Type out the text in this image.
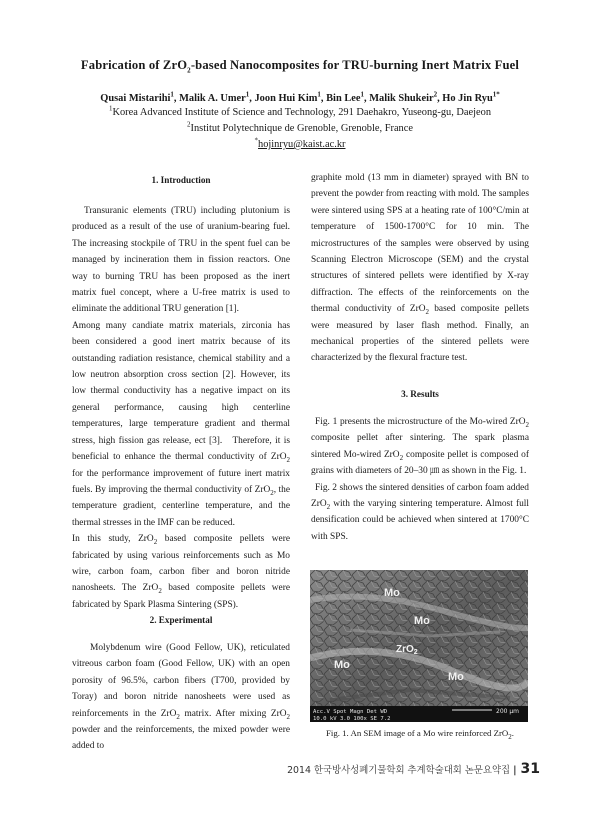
Fabrication of ZrO$_2$-based Nanocomposites for TRU-burning Inert Matrix Fuel
Qusai Mistarihi$^1$, Malik A. Umer$^1$, Joon Hui Kim$^1$, Bin Lee$^1$, Malik Shukeir$^2$, Ho Jin Ryu$^{1*}$
$^1$Korea Advanced Institute of Science and Technology, 291 Daehakro, Yuseong-gu, Daejeon
$^2$Institut Polytechnique de Grenoble, Grenoble, France
*hojinryu@kaist.ac.kr
1. Introduction

Transuranic elements (TRU) including plutonium is produced as a result of the use of uranium-bearing fuel. The increasing stockpile of TRU in the spent fuel can be managed by incineration them in fission reactors. One way to burning TRU has been proposed as the inert matrix fuel concept, where a U-free matrix is used to eliminate the additional TRU generation [1].

Among many candiate matrix materials, zirconia has been considered a good inert matrix because of its outstanding radiation resistance, chemical stability and a low neutron absorption cross section [2]. However, its low thermal conductivity has a negative impact on its general performance, causing high centerline temperatures, large temperature gradient and thermal stress, high fission gas release, ect [3].   Therefore, it is beneficial to enhance the thermal conductivity of ZrO$_2$ for the performance improvement of future inert matrix fuels. By improving the thermal conductivity of ZrO$_2$, the temperature gradient, centerline temperature, and the thermal stresses in the IMF can be reduced.

In this study, ZrO$_2$ based composite pellets were fabricated by using various reinforcements such as Mo wire, carbon foam, carbon fiber and boron nitride nanosheets. The ZrO$_2$ based composite pellets were fabricated by Spark Plasma Sintering (SPS).

2. Experimental

Molybdenum wire (Good Fellow, UK), reticulated vitreous carbon foam (Good Fellow, UK) with an open porosity of 96.5%, carbon fibers (T700, provided by Toray) and boron nitride nanosheets were used as reinforcements in the ZrO$_2$ matrix. After mixing ZrO$_2$ powder and the reinforcements, the mixed powder were added to

graphite mold (13 mm in diameter) sprayed with BN to prevent the powder from reacting with mold. The samples were sintered using SPS at a heating rate of 100°C/min at temperature of 1500-1700°C for 10 min. The microstructures of the samples were observed by using Scanning Electron Microscope (SEM) and the crystal structures of sintered pellets were identified by X-ray diffraction. The effects of the reinforcements on the thermal conductivity of ZrO$_2$ based composite pellets were measured by laser flash method. Finally, an mechanical properties of the sintered pellets were characterized by the flexural fracture test.

3. Results

Fig. 1 presents the microstructure of the Mo-wired ZrO$_2$ composite pellet after sintering. The spark plasma sintered Mo-wired ZrO$_2$ composite pellet is composed of grains with diameters of 20–30 ㎛ as shown in the Fig. 1.

Fig. 2 shows the sintered densities of carbon foam added ZrO$_2$ with the varying sintering temperature. Almost full densification could be achieved when sintered at 1700°C with SPS.

Mo
Mo
ZrO$_2$
Mo
Mo
Acc.V Spot Magn Det WD
10.0 kV 3.0 100x SE 7.2
200 μm
Fig. 1. An SEM image of a Mo wire reinforced ZrO$_2$.
2014 한국방사성폐기물학회 추계학술대회 논문요약집 | 31
